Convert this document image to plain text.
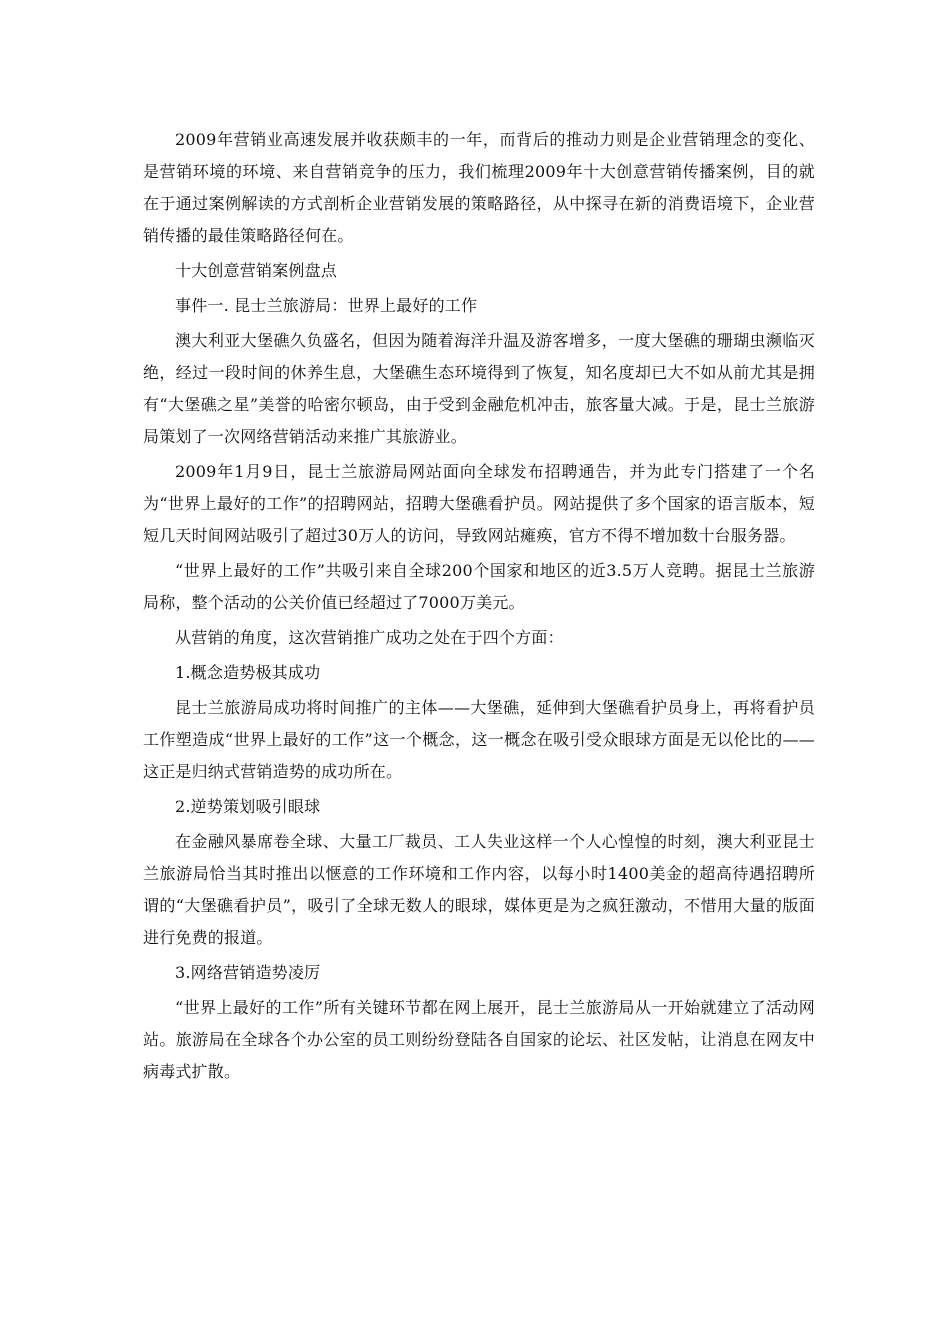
2009年营销业高速发展并收获颇丰的一年，而背后的推动力则是企业营销理念的变化、是营销环境的环境、来自营销竞争的压力，我们梳理2009年十大创意营销传播案例，目的就在于通过案例解读的方式剖析企业营销发展的策略路径，从中探寻在新的消费语境下，企业营销传播的最佳策略路径何在。

十大创意营销案例盘点

事件一. 昆士兰旅游局：世界上最好的工作

澳大利亚大堡礁久负盛名，但因为随着海洋升温及游客增多，一度大堡礁的珊瑚虫濒临灭绝，经过一段时间的休养生息，大堡礁生态环境得到了恢复，知名度却已大不如从前尤其是拥有“大堡礁之星”美誉的哈密尔顿岛，由于受到金融危机冲击，旅客量大减。于是，昆士兰旅游局策划了一次网络营销活动来推广其旅游业。

2009年1月9日，昆士兰旅游局网站面向全球发布招聘通告，并为此专门搭建了一个名为“世界上最好的工作”的招聘网站，招聘大堡礁看护员。网站提供了多个国家的语言版本，短短几天时间网站吸引了超过30万人的访问，导致网站瘫痪，官方不得不增加数十台服务器。

“世界上最好的工作”共吸引来自全球200个国家和地区的近3.5万人竞聘。据昆士兰旅游局称，整个活动的公关价值已经超过了7000万美元。

从营销的角度，这次营销推广成功之处在于四个方面：

1.概念造势极其成功

昆士兰旅游局成功将时间推广的主体——大堡礁，延伸到大堡礁看护员身上，再将看护员工作塑造成“世界上最好的工作”这一个概念，这一概念在吸引受众眼球方面是无以伦比的——这正是归纳式营销造势的成功所在。

2.逆势策划吸引眼球

在金融风暴席卷全球、大量工厂裁员、工人失业这样一个人心惶惶的时刻，澳大利亚昆士兰旅游局恰当其时推出以惬意的工作环境和工作内容，以每小时1400美金的超高待遇招聘所谓的“大堡礁看护员”，吸引了全球无数人的眼球，媒体更是为之疯狂激动，不惜用大量的版面进行免费的报道。

3.网络营销造势凌厉

“世界上最好的工作”所有关键环节都在网上展开，昆士兰旅游局从一开始就建立了活动网站。旅游局在全球各个办公室的员工则纷纷登陆各自国家的论坛、社区发帖，让消息在网友中病毒式扩散。
